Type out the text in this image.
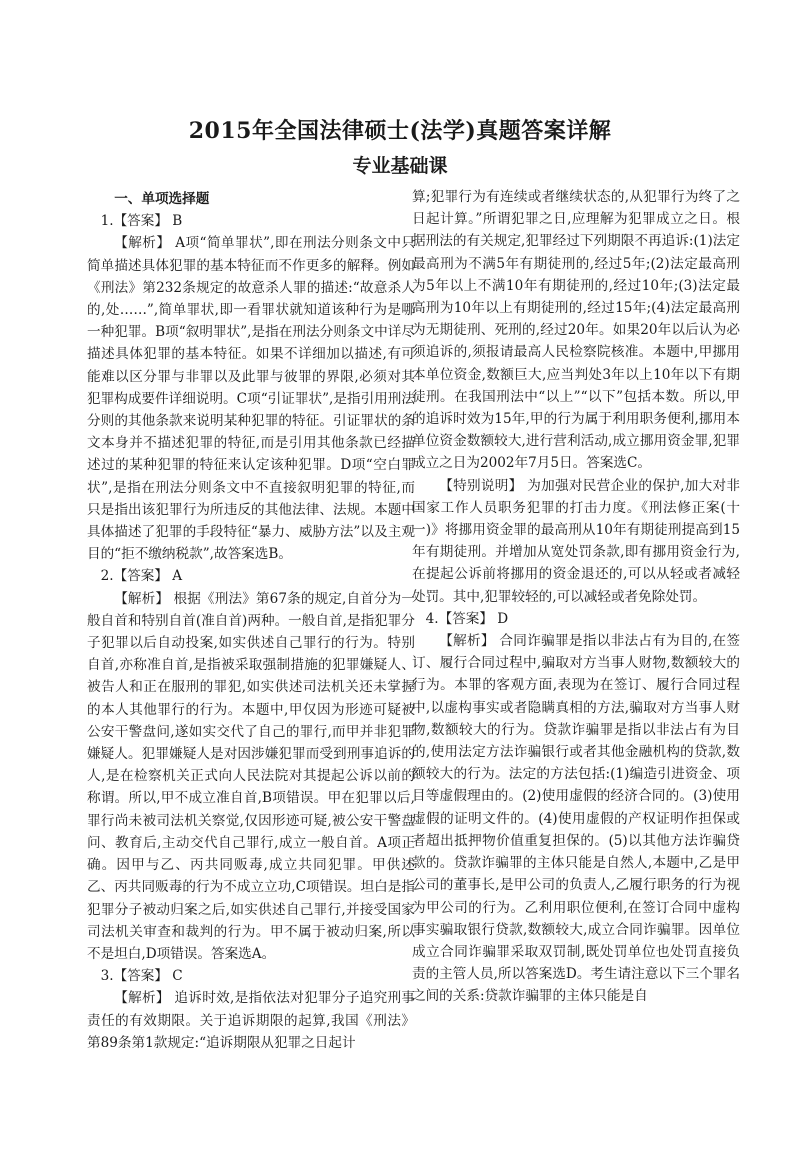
2015年全国法律硕士(法学)真题答案详解
专业基础课

一、单项选择题

1.【答案】 B

【解析】 A项“简单罪状”,即在刑法分则条文中只简单描述具体犯罪的基本特征而不作更多的解释。例如《刑法》第232条规定的故意杀人罪的描述:“故意杀人的,处……”,简单罪状,即一看罪状就知道该种行为是哪一种犯罪。B项“叙明罪状”,是指在刑法分则条文中详尽描述具体犯罪的基本特征。如果不详细加以描述,有可能难以区分罪与非罪以及此罪与彼罪的界限,必须对其犯罪构成要件详细说明。C项“引证罪状”,是指引用刑法分则的其他条款来说明某种犯罪的特征。引证罪状的条文本身并不描述犯罪的特征,而是引用其他条款已经描述过的某种犯罪的特征来认定该种犯罪。D项“空白罪状”,是指在刑法分则条文中不直接叙明犯罪的特征,而只是指出该犯罪行为所违反的其他法律、法规。本题中具体描述了犯罪的手段特征“暴力、威胁方法”以及主观目的“拒不缴纳税款”,故答案选B。

2.【答案】 A

【解析】 根据《刑法》第67条的规定,自首分为一般自首和特别自首(准自首)两种。一般自首,是指犯罪分子犯罪以后自动投案,如实供述自己罪行的行为。特别自首,亦称准自首,是指被采取强制措施的犯罪嫌疑人、被告人和正在服刑的罪犯,如实供述司法机关还未掌握的本人其他罪行的行为。本题中,甲仅因为形迹可疑被公安干警盘问,遂如实交代了自己的罪行,而甲并非犯罪嫌疑人。犯罪嫌疑人是对因涉嫌犯罪而受到刑事追诉的人,是在检察机关正式向人民法院对其提起公诉以前的称谓。所以,甲不成立准自首,B项错误。甲在犯罪以后,罪行尚未被司法机关察觉,仅因形迹可疑,被公安干警盘问、教育后,主动交代自己罪行,成立一般自首。A项正确。因甲与乙、丙共同贩毒,成立共同犯罪。甲供述乙、丙共同贩毒的行为不成立立功,C项错误。坦白是指犯罪分子被动归案之后,如实供述自己罪行,并接受国家司法机关审查和裁判的行为。甲不属于被动归案,所以不是坦白,D项错误。答案选A。

3.【答案】 C

【解析】 追诉时效,是指依法对犯罪分子追究刑事责任的有效期限。关于追诉期限的起算,我国《刑法》第89条第1款规定:“追诉期限从犯罪之日起计

算;犯罪行为有连续或者继续状态的,从犯罪行为终了之日起计算。”所谓犯罪之日,应理解为犯罪成立之日。根据刑法的有关规定,犯罪经过下列期限不再追诉:(1)法定最高刑为不满5年有期徒刑的,经过5年;(2)法定最高刑为5年以上不满10年有期徒刑的,经过10年;(3)法定最高刑为10年以上有期徒刑的,经过15年;(4)法定最高刑为无期徒刑、死刑的,经过20年。如果20年以后认为必须追诉的,须报请最高人民检察院核准。本题中,甲挪用本单位资金,数额巨大,应当判处3年以上10年以下有期徒刑。在我国刑法中“以上”“以下”包括本数。所以,甲的追诉时效为15年,甲的行为属于利用职务便利,挪用本单位资金数额较大,进行营利活动,成立挪用资金罪,犯罪成立之日为2002年7月5日。答案选C。

【特别说明】 为加强对民营企业的保护,加大对非国家工作人员职务犯罪的打击力度。《刑法修正案(十一)》将挪用资金罪的最高刑从10年有期徒刑提高到15年有期徒刑。并增加从宽处罚条款,即有挪用资金行为,在提起公诉前将挪用的资金退还的,可以从轻或者减轻处罚。其中,犯罪较轻的,可以减轻或者免除处罚。

4.【答案】 D

【解析】 合同诈骗罪是指以非法占有为目的,在签订、履行合同过程中,骗取对方当事人财物,数额较大的行为。本罪的客观方面,表现为在签订、履行合同过程中,以虚构事实或者隐瞒真相的方法,骗取对方当事人财物,数额较大的行为。贷款诈骗罪是指以非法占有为目的,使用法定方法诈骗银行或者其他金融机构的贷款,数额较大的行为。法定的方法包括:(1)编造引进资金、项目等虚假理由的。(2)使用虚假的经济合同的。(3)使用虚假的证明文件的。(4)使用虚假的产权证明作担保或者超出抵押物价值重复担保的。(5)以其他方法诈骗贷款的。贷款诈骗罪的主体只能是自然人,本题中,乙是甲公司的董事长,是甲公司的负责人,乙履行职务的行为视为甲公司的行为。乙利用职位便利,在签订合同中虚构事实骗取银行贷款,数额较大,成立合同诈骗罪。因单位成立合同诈骗罪采取双罚制,既处罚单位也处罚直接负责的主管人员,所以答案选D。考生请注意以下三个罪名之间的关系:贷款诈骗罪的主体只能是自
